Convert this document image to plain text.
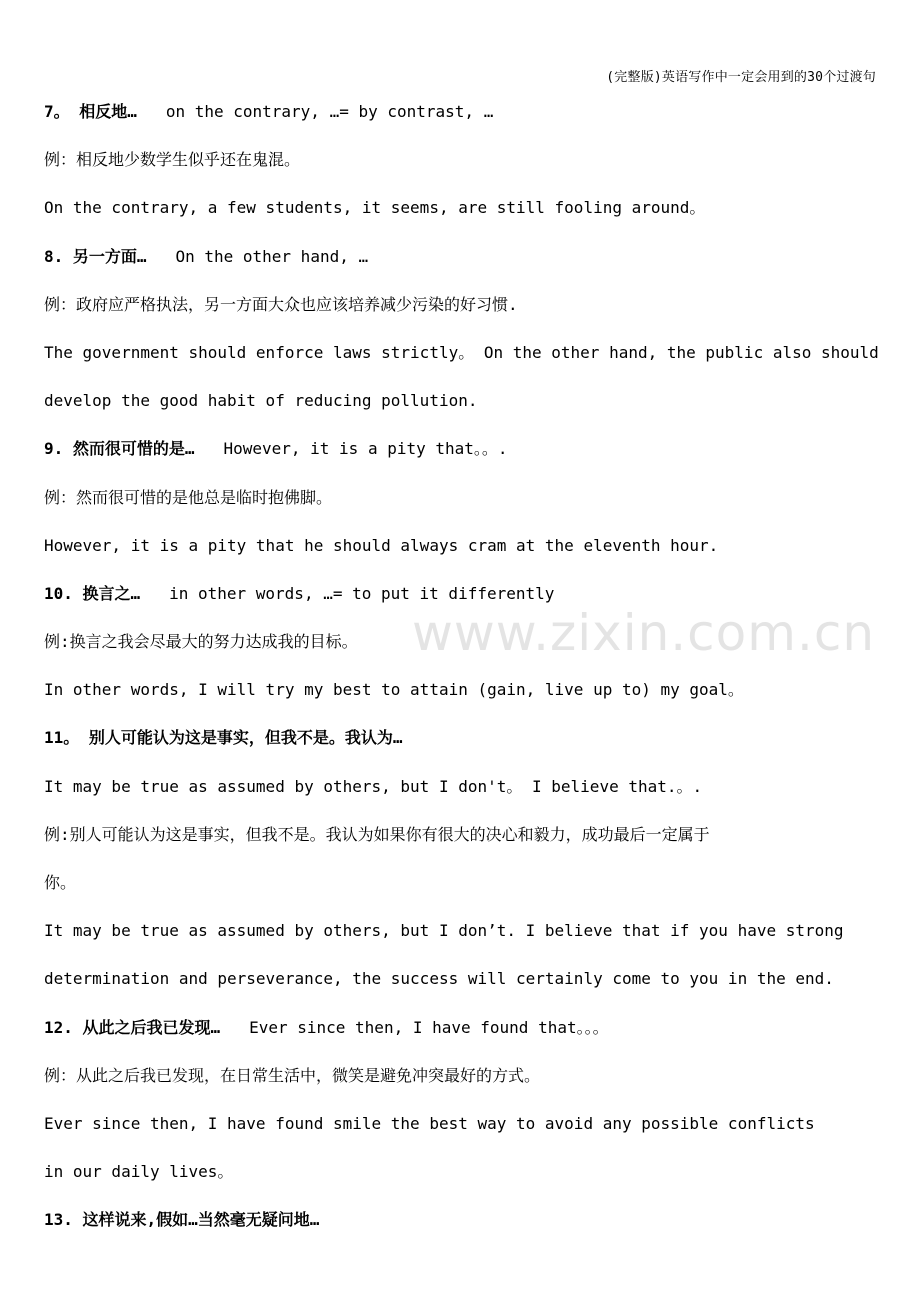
(完整版)英语写作中一定会用到的30个过渡句
www.zixin.com.cn
7。 相反地… on the contrary, …= by contrast, …
例：相反地少数学生似乎还在鬼混。
On the contrary, a few students, it seems, are still fooling around。
8. 另一方面… On the other hand, …
例：政府应严格执法，另一方面大众也应该培养减少污染的好习惯.
The government should enforce laws strictly。 On the other hand, the public also should
develop the good habit of reducing pollution.
9. 然而很可惜的是… However, it is a pity that。。.
例：然而很可惜的是他总是临时抱佛脚。
However, it is a pity that he should always cram at the eleventh hour.
10. 换言之… in other words, …= to put it differently
例:换言之我会尽最大的努力达成我的目标。
In other words, I will try my best to attain (gain, live up to) my goal。
11。 别人可能认为这是事实，但我不是。我认为…
It may be true as assumed by others, but I don't。 I believe that.。.
例:别人可能认为这是事实，但我不是。我认为如果你有很大的决心和毅力，成功最后一定属于
你。
It may be true as assumed by others, but I don’t. I believe that if you have strong
determination and perseverance, the success will certainly come to you in the end.
12. 从此之后我已发现… Ever since then, I have found that。。。
例：从此之后我已发现，在日常生活中，微笑是避免冲突最好的方式。
Ever since then, I have found smile the best way to avoid any possible conflicts
in our daily lives。
13. 这样说来,假如…当然毫无疑问地…
